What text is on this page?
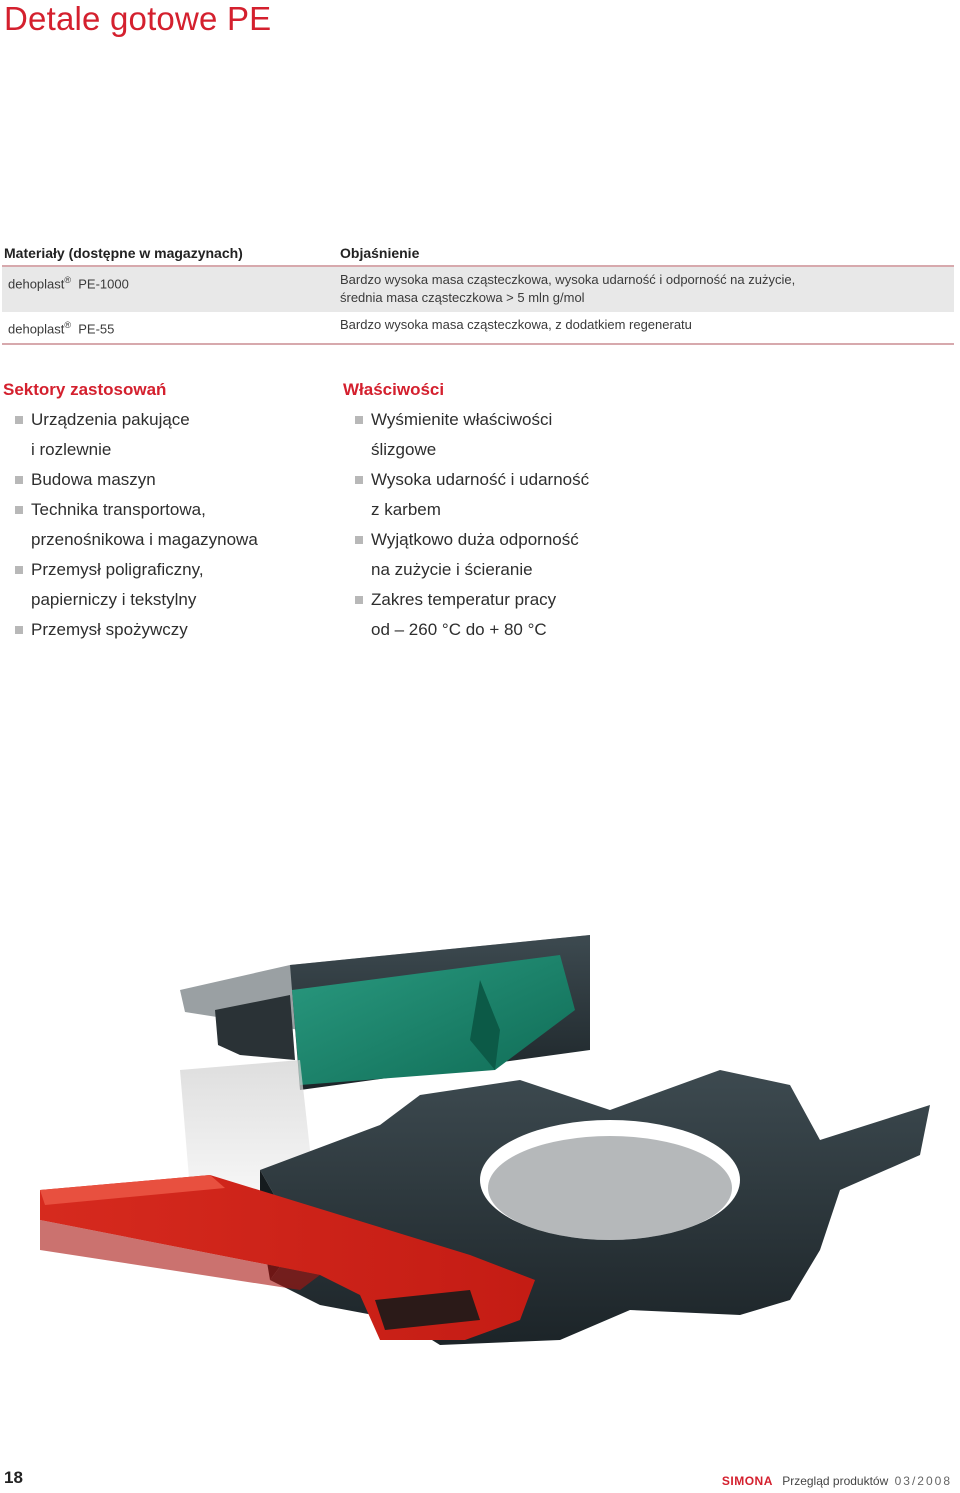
Detale gotowe PE
Materiały (dostępne w magazynach)	Objaśnienie
dehoplast® PE-1000	Bardzo wysoka masa cząsteczkowa, wysoka udarność i odporność na zużycie,
średnia masa cząsteczkowa > 5 mln g/mol

dehoplast® PE-55	Bardzo wysoka masa cząsteczkowa, z dodatkiem regeneratu
Sektory zastosowań
Urządzenia pakujące
i rozlewnie
Budowa maszyn
Technika transportowa,
przenośnikowa i magazynowa
Przemysł poligraficzny,
papierniczy i tekstylny
Przemysł spożywczy
Właściwości
Wyśmienite właściwości
ślizgowe
Wysoka udarność i udarność
z karbem
Wyjątkowo duża odporność
na zużycie i ścieranie
Zakres temperatur pracy
od – 260 °C do + 80 °C
18	SIMONA Przegląd produktów 03/2008
